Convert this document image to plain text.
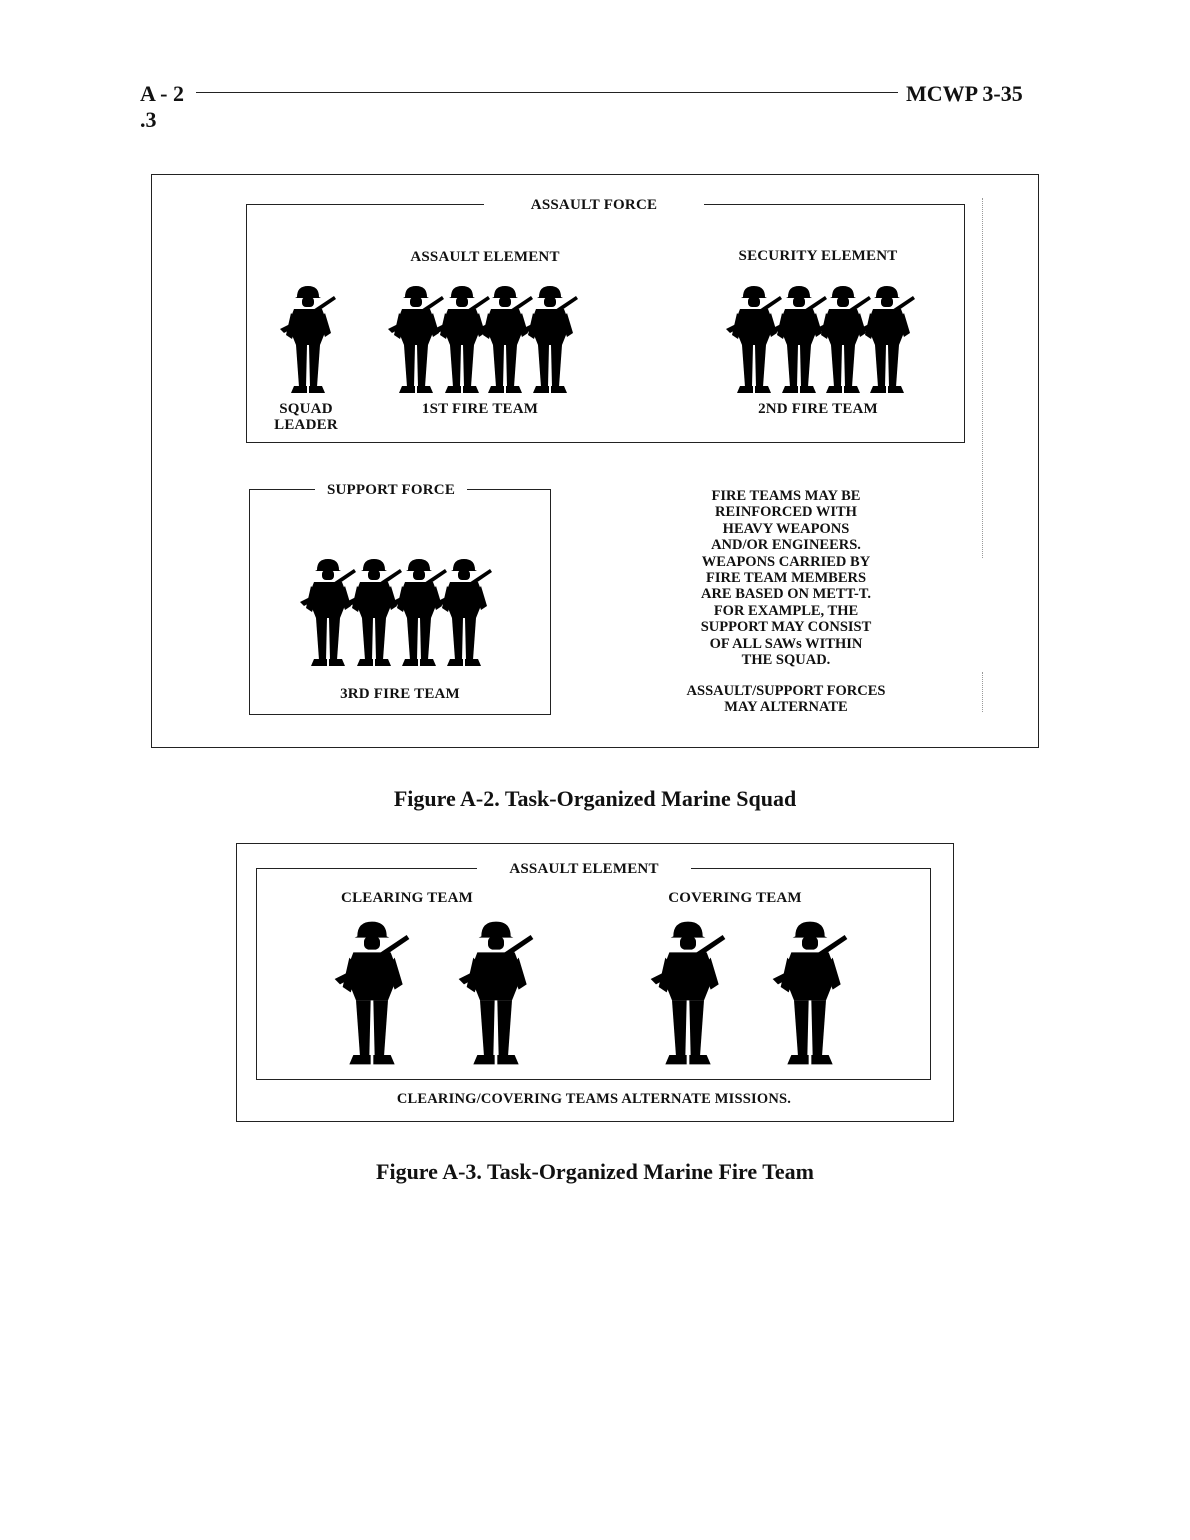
A - 2	MCWP 3-35
.3
ASSAULT FORCE
ASSAULT ELEMENT	SECURITY ELEMENT
SQUAD
LEADER
1ST FIRE TEAM	2ND FIRE TEAM
SUPPORT FORCE
3RD FIRE TEAM
FIRE TEAMS MAY BE
REINFORCED WITH
HEAVY WEAPONS
AND/OR ENGINEERS.
WEAPONS CARRIED BY
FIRE TEAM MEMBERS
ARE BASED ON METT-T.
FOR EXAMPLE, THE
SUPPORT MAY CONSIST
OF ALL SAWs WITHIN
THE SQUAD.
ASSAULT/SUPPORT FORCES
MAY ALTERNATE
Figure A-2. Task-Organized Marine Squad
ASSAULT ELEMENT
CLEARING TEAM	COVERING TEAM
CLEARING/COVERING TEAMS ALTERNATE MISSIONS.
Figure A-3. Task-Organized Marine Fire Team
